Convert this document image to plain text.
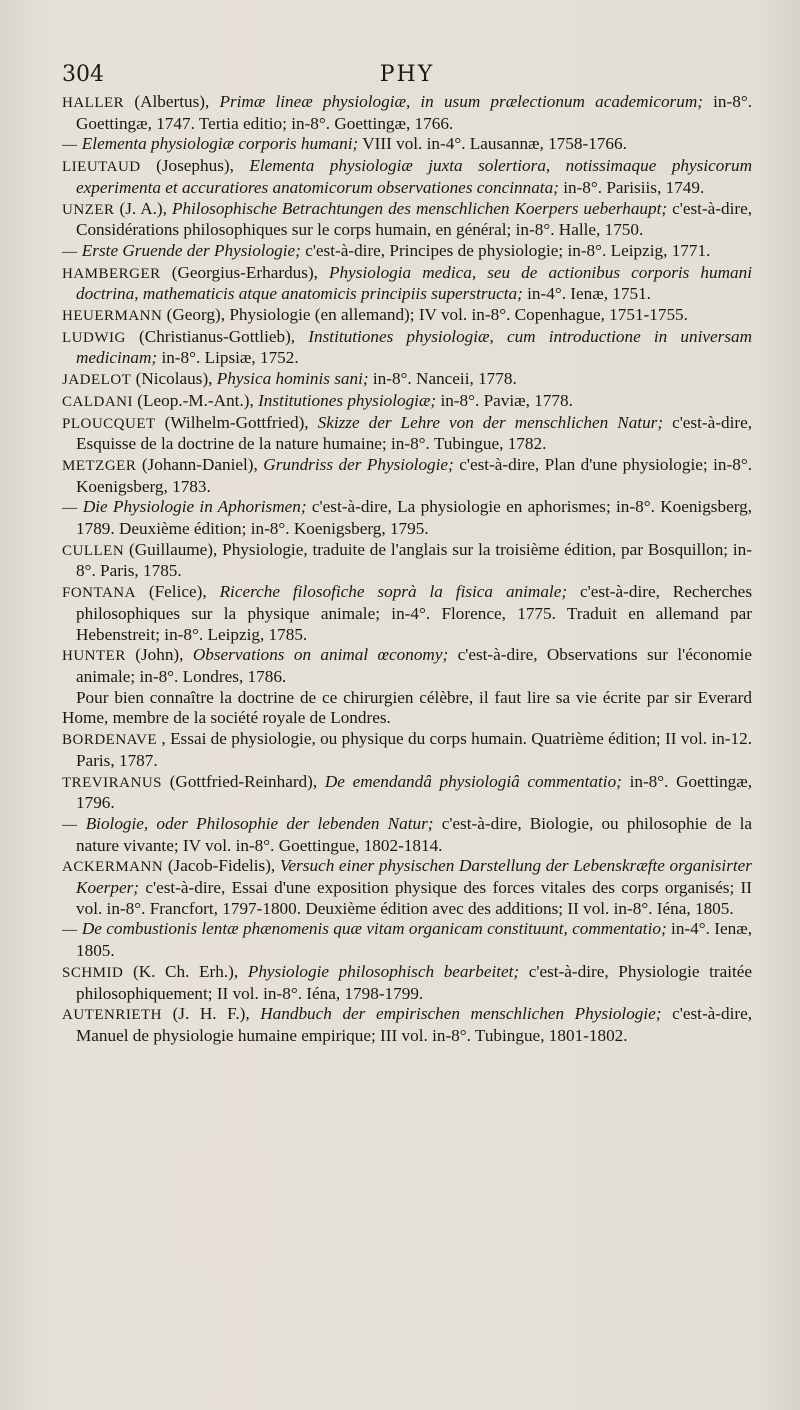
304	PHY

HALLER (Albertus), Primæ lineæ physiologiæ, in usum prælectionum academicorum; in-8°. Goettingæ, 1747. Tertia editio; in-8°. Goettingæ, 1766.

— Elementa physiologiæ corporis humani; VIII vol. in-4°. Lausannæ, 1758-1766.

LIEUTAUD (Josephus), Elementa physiologiæ juxta solertiora, notissimaque physicorum experimenta et accuratiores anatomicorum observationes concinnata; in-8°. Parisiis, 1749.

UNZER (J. A.), Philosophische Betrachtungen des menschlichen Koerpers ueberhaupt; c'est-à-dire, Considérations philosophiques sur le corps humain, en général; in-8°. Halle, 1750.

— Erste Gruende der Physiologie; c'est-à-dire, Principes de physiologie; in-8°. Leipzig, 1771.

HAMBERGER (Georgius-Erhardus), Physiologia medica, seu de actionibus corporis humani doctrina, mathematicis atque anatomicis principiis superstructa; in-4°. Ienæ, 1751.

HEUERMANN (Georg), Physiologie (en allemand); IV vol. in-8°. Copenhague, 1751-1755.

LUDWIG (Christianus-Gottlieb), Institutiones physiologiæ, cum introductione in universam medicinam; in-8°. Lipsiæ, 1752.

JADELOT (Nicolaus), Physica hominis sani; in-8°. Nanceii, 1778.

CALDANI (Leop.-M.-Ant.), Institutiones physiologiæ; in-8°. Paviæ, 1778.

PLOUCQUET (Wilhelm-Gottfried), Skizze der Lehre von der menschlichen Natur; c'est-à-dire, Esquisse de la doctrine de la nature humaine; in-8°. Tubingue, 1782.

METZGER (Johann-Daniel), Grundriss der Physiologie; c'est-à-dire, Plan d'une physiologie; in-8°. Koenigsberg, 1783.

— Die Physiologie in Aphorismen; c'est-à-dire, La physiologie en aphorismes; in-8°. Koenigsberg, 1789. Deuxième édition; in-8°. Koenigsberg, 1795.

CULLEN (Guillaume), Physiologie, traduite de l'anglais sur la troisième édition, par Bosquillon; in-8°. Paris, 1785.

FONTANA (Felice), Ricerche filosofiche soprà la fisica animale; c'est-à-dire, Recherches philosophiques sur la physique animale; in-4°. Florence, 1775. Traduit en allemand par Hebenstreit; in-8°. Leipzig, 1785.

HUNTER (John), Observations on animal œconomy; c'est-à-dire, Observations sur l'économie animale; in-8°. Londres, 1786.

Pour bien connaître la doctrine de ce chirurgien célèbre, il faut lire sa vie écrite par sir Everard Home, membre de la société royale de Londres.

BORDENAVE , Essai de physiologie, ou physique du corps humain. Quatrième édition; II vol. in-12. Paris, 1787.

TREVIRANUS (Gottfried-Reinhard), De emendandâ physiologiâ commentatio; in-8°. Goettingæ, 1796.

— Biologie, oder Philosophie der lebenden Natur; c'est-à-dire, Biologie, ou philosophie de la nature vivante; IV vol. in-8°. Goettingue, 1802-1814.

ACKERMANN (Jacob-Fidelis), Versuch einer physischen Darstellung der Lebenskræfte organisirter Koerper; c'est-à-dire, Essai d'une exposition physique des forces vitales des corps organisés; II vol. in-8°. Francfort, 1797-1800. Deuxième édition avec des additions; II vol. in-8°. Iéna, 1805.

— De combustionis lentæ phænomenis quæ vitam organicam constituunt, commentatio; in-4°. Ienæ, 1805.

SCHMID (K. Ch. Erh.), Physiologie philosophisch bearbeitet; c'est-à-dire, Physiologie traitée philosophiquement; II vol. in-8°. Iéna, 1798-1799.

AUTENRIETH (J. H. F.), Handbuch der empirischen menschlichen Physiologie; c'est-à-dire, Manuel de physiologie humaine empirique; III vol. in-8°. Tubingue, 1801-1802.
